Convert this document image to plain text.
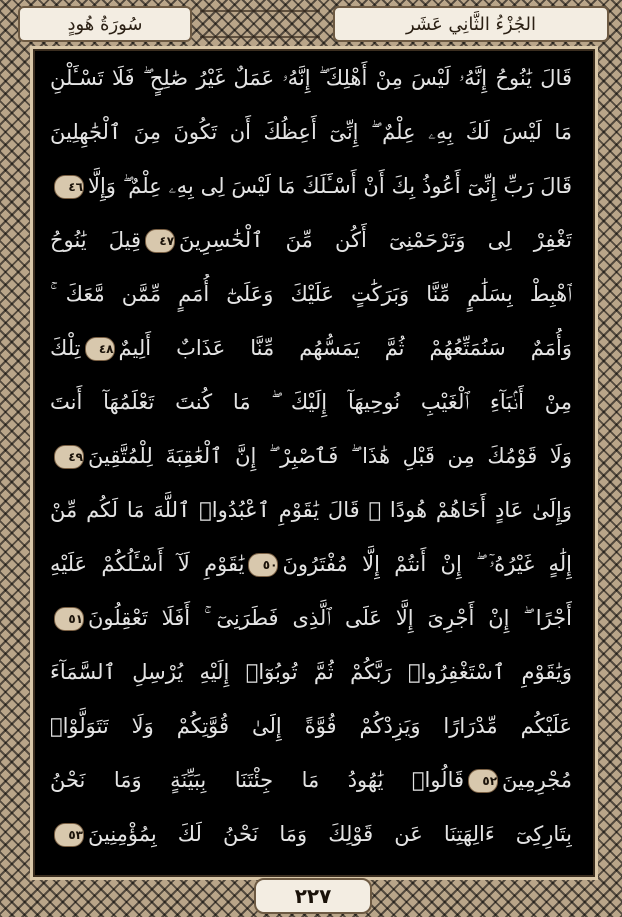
الجُزْءُ الثَّانِي عَشَر
سُورَةُ هُودٍ
قَالَ يَٰنُوحُ إِنَّهُۥ لَيْسَ مِنْ أَهْلِكَ ۖ إِنَّهُۥ عَمَلٌ غَيْرُ صَٰلِحٍ ۖ فَلَا تَسْـَٔلْنِ
مَا لَيْسَ لَكَ بِهِۦ عِلْمٌ ۖ إِنِّىٓ أَعِظُكَ أَن تَكُونَ مِنَ ٱلْجَٰهِلِينَ
قَالَ رَبِّ إِنِّىٓ أَعُوذُ بِكَ أَنْ أَسْـَٔلَكَ مَا لَيْسَ لِى بِهِۦ عِلْمٌ ۖ وَإِلَّا٤٦
تَغْفِرْ لِى وَتَرْحَمْنِىٓ أَكُن مِّنَ ٱلْخَٰسِرِينَ٤٧قِيلَ يَٰنُوحُ
ٱهْبِطْ بِسَلَٰمٍ مِّنَّا وَبَرَكَٰتٍ عَلَيْكَ وَعَلَىٰٓ أُمَمٍ مِّمَّن مَّعَكَ ۚ
وَأُمَمٌ سَنُمَتِّعُهُمْ ثُمَّ يَمَسُّهُم مِّنَّا عَذَابٌ أَلِيمٌ٤٨تِلْكَ
مِنْ أَنۢبَآءِ ٱلْغَيْبِ نُوحِيهَآ إِلَيْكَ ۖ مَا كُنتَ تَعْلَمُهَآ أَنتَ
وَلَا قَوْمُكَ مِن قَبْلِ هَٰذَا ۖ فَٱصْبِرْ ۖ إِنَّ ٱلْعَٰقِبَةَ لِلْمُتَّقِينَ٤٩
وَإِلَىٰ عَادٍ أَخَاهُمْ هُودًا ۚ قَالَ يَٰقَوْمِ ٱعْبُدُوا۟ ٱللَّهَ مَا لَكُم مِّنْ
إِلَٰهٍ غَيْرُهُۥٓ ۖ إِنْ أَنتُمْ إِلَّا مُفْتَرُونَ٥٠يَٰقَوْمِ لَآ أَسْـَٔلُكُمْ عَلَيْهِ
أَجْرًا ۖ إِنْ أَجْرِىَ إِلَّا عَلَى ٱلَّذِى فَطَرَنِىٓ ۚ أَفَلَا تَعْقِلُونَ٥١
وَيَٰقَوْمِ ٱسْتَغْفِرُوا۟ رَبَّكُمْ ثُمَّ تُوبُوٓا۟ إِلَيْهِ يُرْسِلِ ٱلسَّمَآءَ
عَلَيْكُم مِّدْرَارًا وَيَزِدْكُمْ قُوَّةً إِلَىٰ قُوَّتِكُمْ وَلَا تَتَوَلَّوْا۟
مُجْرِمِينَ٥٢قَالُوا۟ يَٰهُودُ مَا جِئْتَنَا بِبَيِّنَةٍ وَمَا نَحْنُ
بِتَارِكِىٓ ءَالِهَتِنَا عَن قَوْلِكَ وَمَا نَحْنُ لَكَ بِمُؤْمِنِينَ٥٣
٢٢٧
